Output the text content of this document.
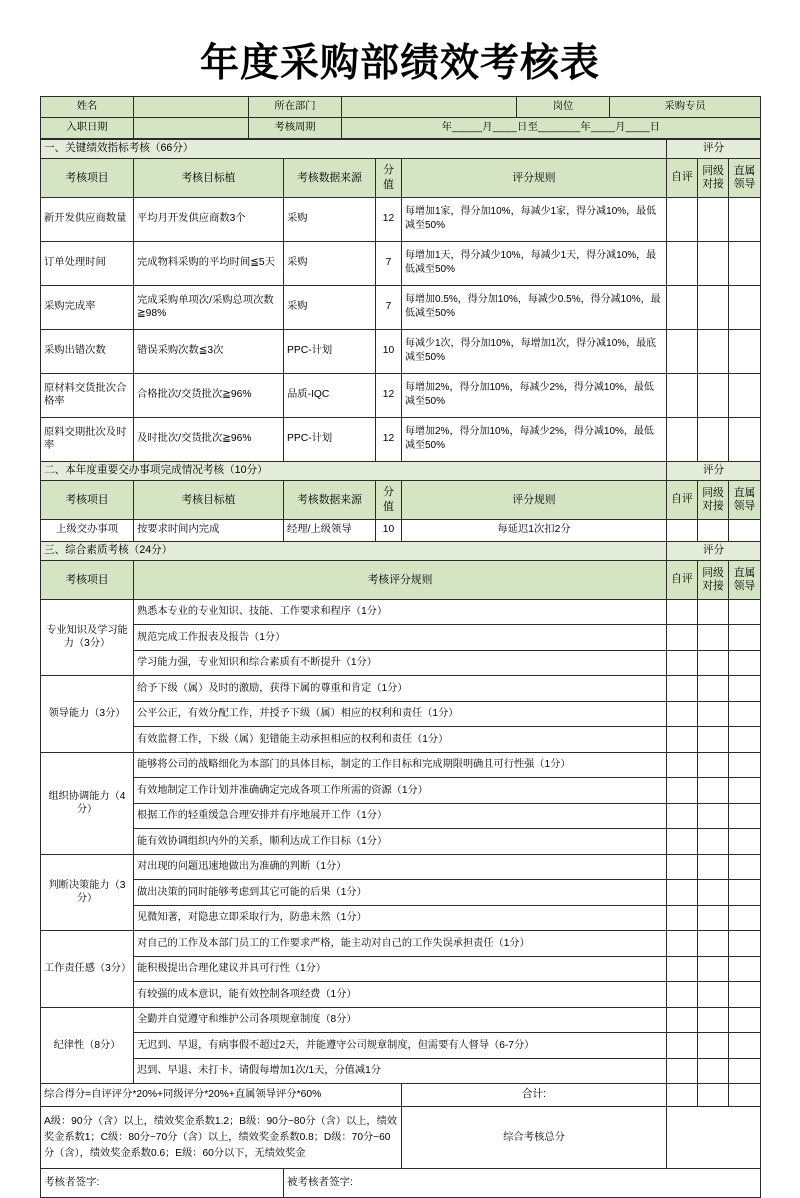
年度采购部绩效考核表
姓名		所在部门		岗位	采购专员
入职日期		考核周期	年_____月____日至_______年____月____日		
一、关键绩效指标考核（66分）					评分		
考核项目	考核目标植	考核数据来源	分值	评分规则	自评	同级对接	直属领导
新开发供应商数量	平均月开发供应商数3个	采购	12	每增加1家，得分加10%，每减少1家，得分减10%，最低减至50%			
订单处理时间	完成物料采购的平均时间≦5天	采购	7	每增加1天，得分减少10%，每减少1天，得分减10%，最低减至50%			
采购完成率	完成采购单项次/采购总项次数≧98%	采购	7	每增加0.5%，得分加10%，每减少0.5%，得分减10%，最低减至50%			
采购出错次数	错误采购次数≦3次	PPC-计划	10	每减少1次，得分加10%，每增加1次，得分减10%，最底减至50%			
原材料交货批次合格率	合格批次/交货批次≧96%	品质-IQC	12	每增加2%，得分加10%，每减少2%，得分减10%，最低减至50%			
原料交期批次及时率	及时批次/交货批次≧96%	PPC-计划	12	每增加2%，得分加10%，每减少2%，得分减10%，最低减至50%			
二、本年度重要交办事项完成情况考核（10分）					评分		
考核项目	考核目标植	考核数据来源	分值	评分规则	自评	同级对接	直属领导
上级交办事项	按要求时间内完成	经理/上级领导	10	每延迟1次扣2分			
三、综合素质考核（24分）					评分		
考核项目	考核评分规则				自评	同级对接	直属领导
专业知识及学习能力（3分）	熟悉本专业的专业知识、技能、工作要求和程序（1分）						
	规范完成工作报表及报告（1分）						
	学习能力强，专业知识和综合素质有不断提升（1分）						
领导能力（3分）	给予下级（属）及时的激励，获得下属的尊重和肯定（1分）						
	公平公正，有效分配工作，并授予下级（属）相应的权利和责任（1分）						
	有效监督工作，下级（属）犯错能主动承担相应的权利和责任（1分）						
组织协调能力（4分）	能够将公司的战略细化为本部门的具体目标，制定的工作目标和完成期限明确且可行性强（1分）						
	有效地制定工作计划并准确确定完成各项工作所需的资源（1分）						
	根据工作的轻重缓急合理安排并有序地展开工作（1分）						
	能有效协调组织内外的关系，顺利达成工作目标（1分）						
判断决策能力（3分）	对出现的问题迅速地做出为准确的判断（1分）						
	做出决策的同时能够考虑到其它可能的后果（1分）						
	见微知著，对隐患立即采取行为，防患未然（1分）						
工作责任感（3分）	对自己的工作及本部门员工的工作要求严格，能主动对自己的工作失误承担责任（1分）						
	能积极提出合理化建议并具可行性（1分）						
	有较强的成本意识，能有效控制各项经费（1分）						
纪律性（8分）	全勤并自觉遵守和维护公司各项规章制度（8分）						
	无迟到、早退，有病事假不超过2天，并能遵守公司规章制度，但需要有人督导（6-7分）						
	迟到、早退、未打卡、请假每增加1次/1天，分值减1分						
综合得分=自评评分*20%+同级评分*20%+直属领导评分*60%				合计:			
A级：90分（含）以上，绩效奖金系数1.2；B级：90分~80分（含）以上，绩效奖金系数1；C级：80分~70分（含）以上，绩效奖金系数0.8；D级：70分~60分（含），绩效奖金系数0.6；E级：60分以下，无绩效奖金				综合考核总分			
考核者签字:		被考核者签字:					
